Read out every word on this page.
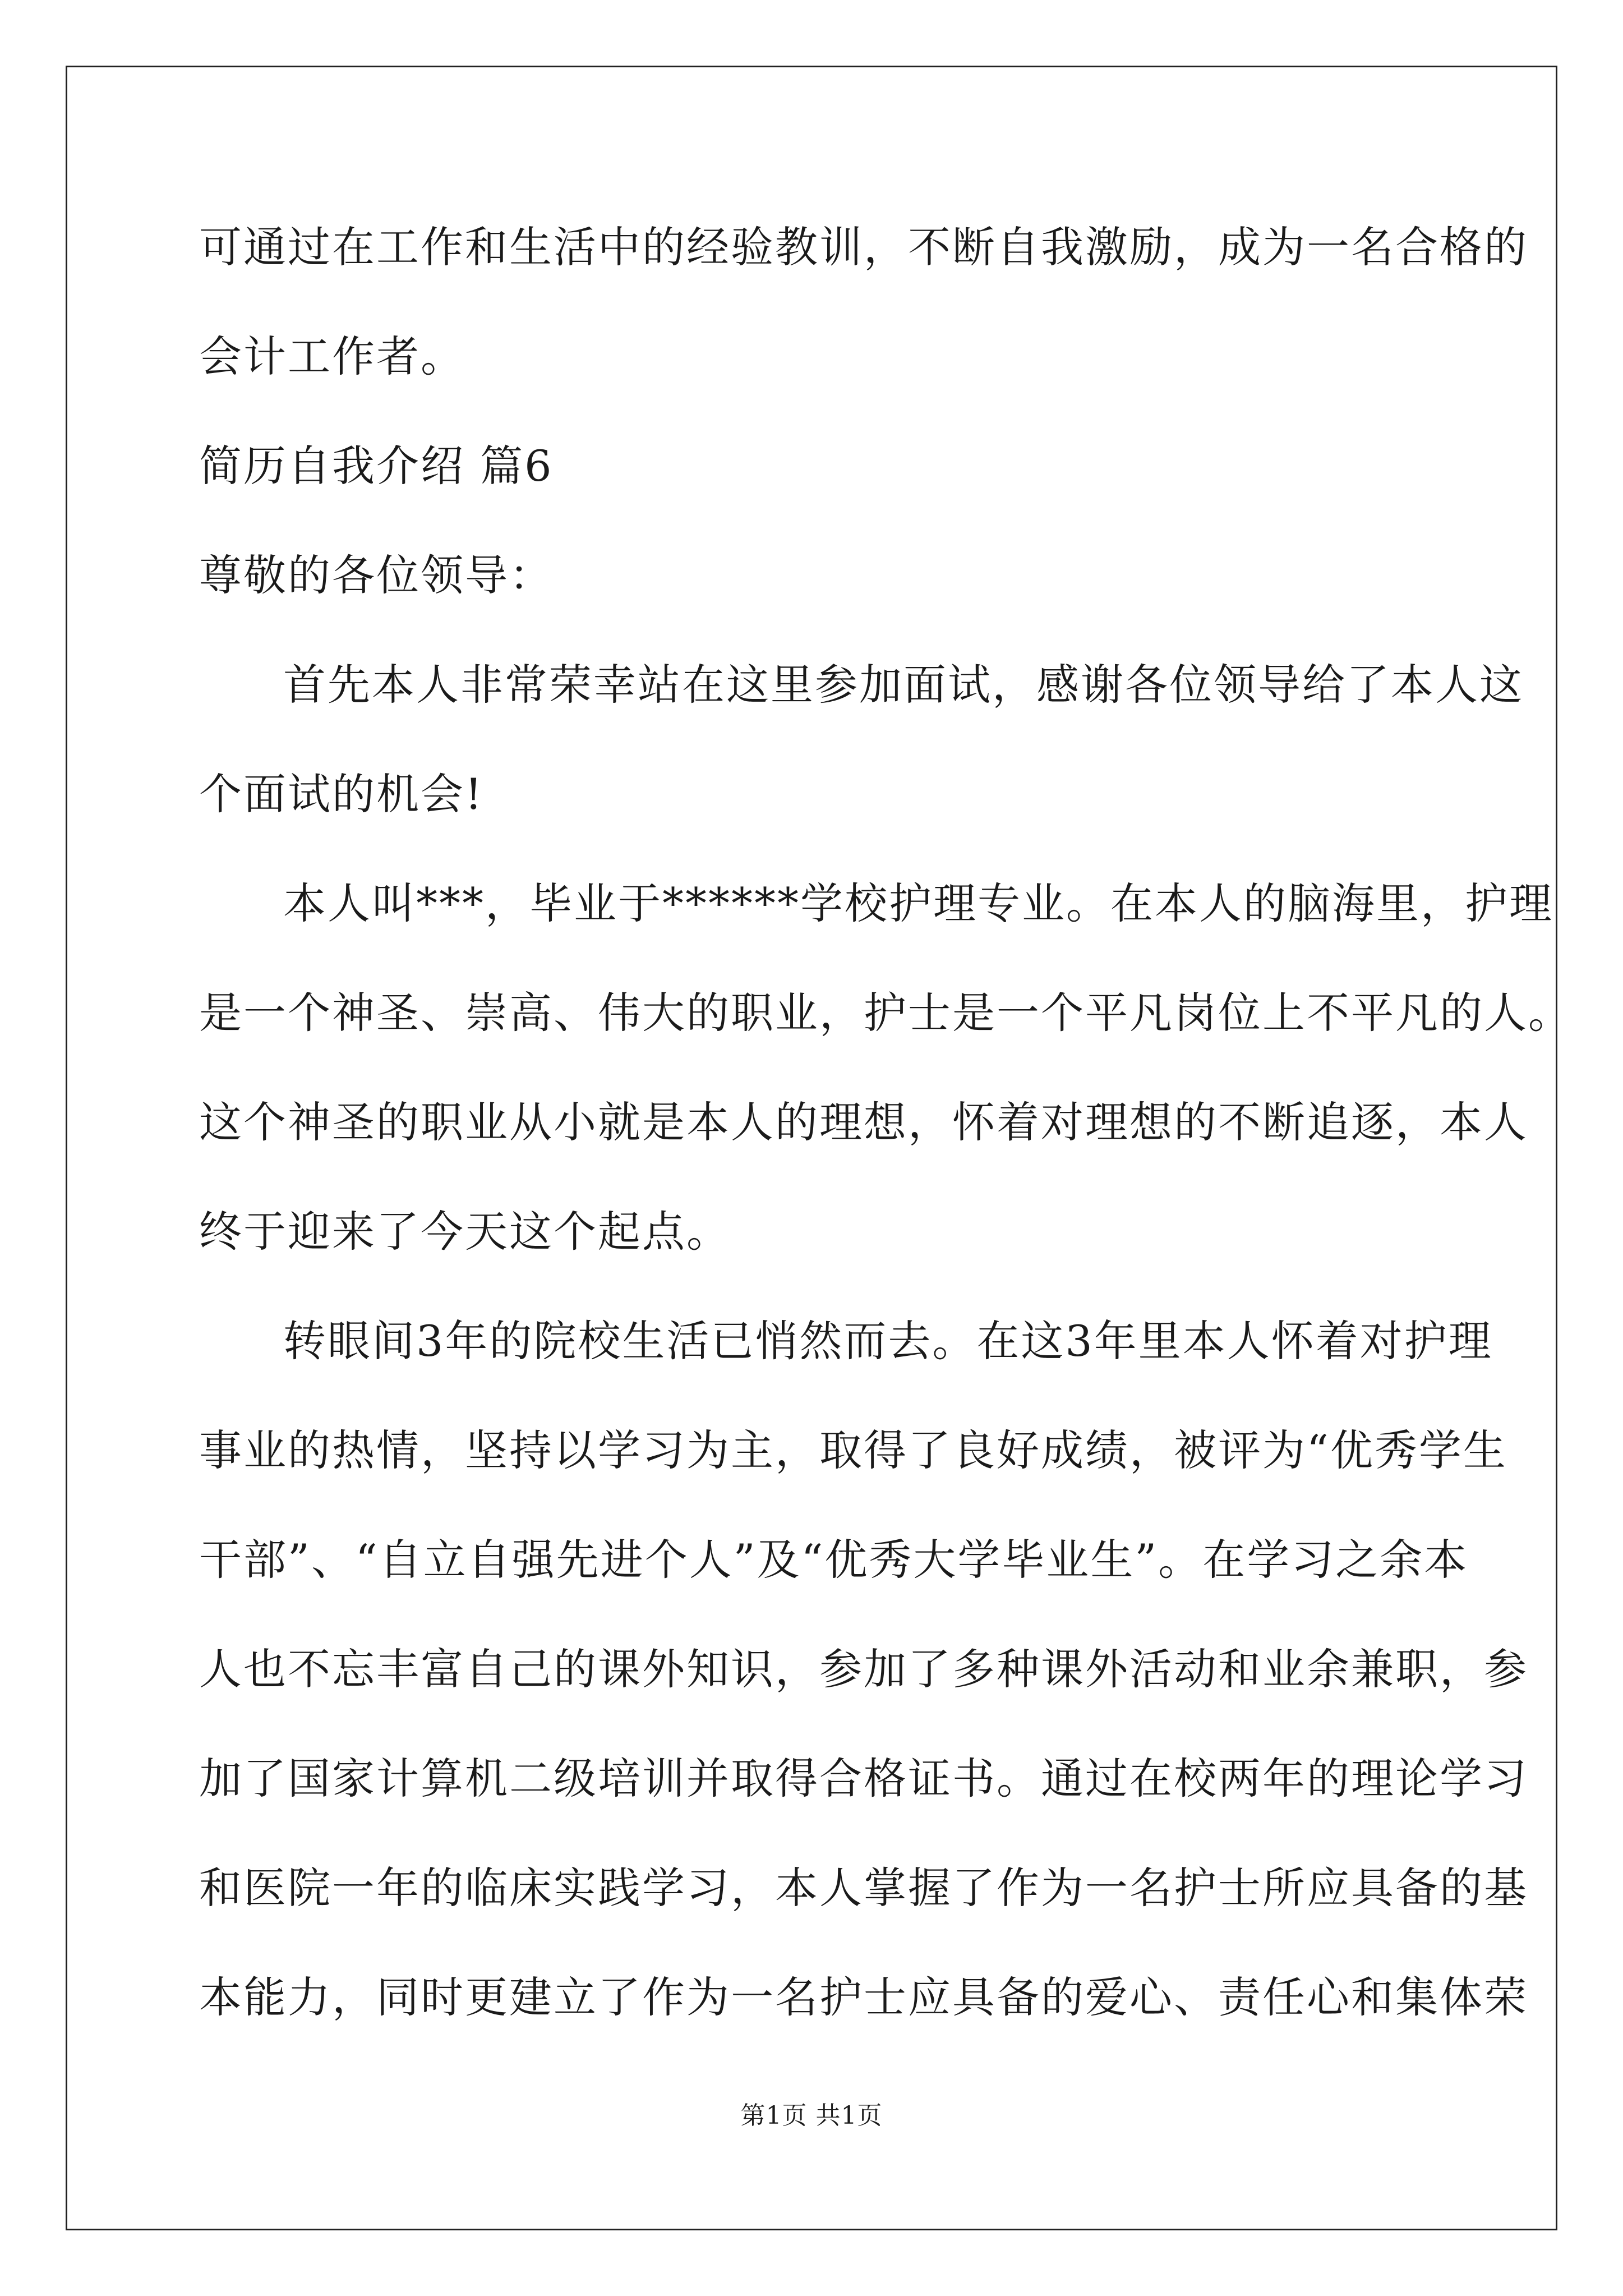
可通过在工作和生活中的经验教训，不断自我激励，成为一名合格的
会计工作者。
简历自我介绍 篇6
尊敬的各位领导：
首先本人非常荣幸站在这里参加面试，感谢各位领导给了本人这
个面试的机会!
本人叫***，毕业于******学校护理专业。在本人的脑海里，护理
是一个神圣、崇高、伟大的职业，护士是一个平凡岗位上不平凡的人。
这个神圣的职业从小就是本人的理想，怀着对理想的不断追逐，本人
终于迎来了今天这个起点。
转眼间3年的院校生活已悄然而去。在这3年里本人怀着对护理
事业的热情，坚持以学习为主，取得了良好成绩，被评为“优秀学生
干部”、“自立自强先进个人”及“优秀大学毕业生”。在学习之余本
人也不忘丰富自己的课外知识，参加了多种课外活动和业余兼职，参
加了国家计算机二级培训并取得合格证书。通过在校两年的理论学习
和医院一年的临床实践学习，本人掌握了作为一名护士所应具备的基
本能力，同时更建立了作为一名护士应具备的爱心、责任心和集体荣
第1页 共1页
